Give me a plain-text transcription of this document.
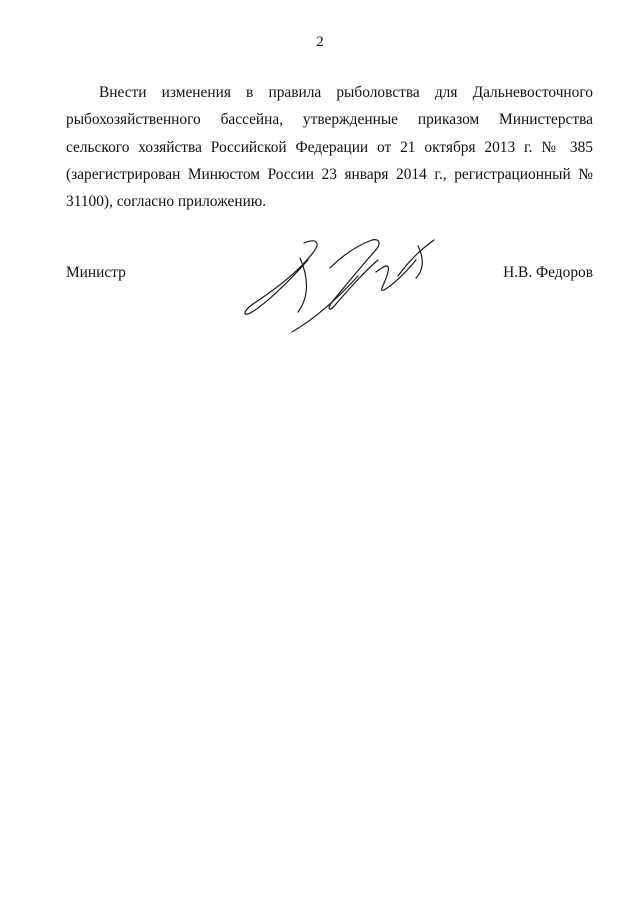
2

Внести изменения в правила рыболовства для Дальневосточного рыбохозяйственного бассейна, утвержденные приказом Министерства сельского хозяйства Российской Федерации от 21 октября 2013 г. № 385 (зарегистрирован Минюстом России 23 января 2014 г., регистрационный № 31100), согласно приложению.

Министр	Н.В. Федоров
